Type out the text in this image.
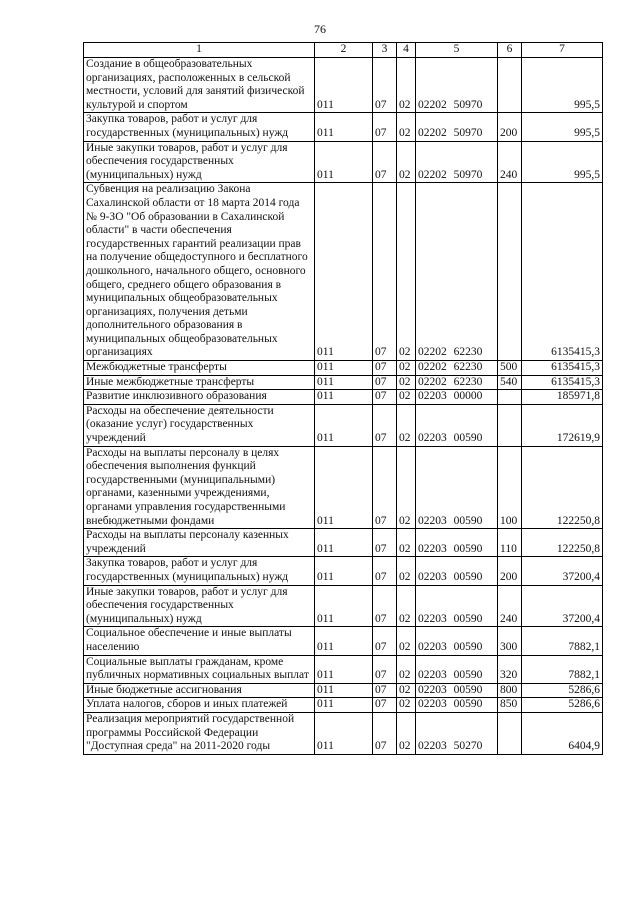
76
1	2	3	4	5	6	7
Создание в общеобразовательных организациях, расположенных в сельской местности, условий для занятий физической культурой и спортом	011	07	02	02202 50970		995,5
Закупка товаров, работ и услуг для государственных (муниципальных) нужд	011	07	02	02202 50970	200	995,5
Иные закупки товаров, работ и услуг для обеспечения государственных (муниципальных) нужд	011	07	02	02202 50970	240	995,5
Субвенция на реализацию Закона Сахалинской области от 18 марта 2014 года № 9-ЗО "Об образовании в Сахалинской области" в части обеспечения государственных гарантий реализации прав на получение общедоступного и бесплатного дошкольного, начального общего, основного общего, среднего общего образования в муниципальных общеобразовательных организациях, получения детьми дополнительного образования в муниципальных общеобразовательных организациях	011	07	02	02202 62230		6135415,3
Межбюджетные трансферты	011	07	02	02202 62230	500	6135415,3
Иные межбюджетные трансферты	011	07	02	02202 62230	540	6135415,3
Развитие инклюзивного образования	011	07	02	02203 00000		185971,8
Расходы на обеспечение деятельности (оказание услуг) государственных учреждений	011	07	02	02203 00590		172619,9
Расходы на выплаты персоналу в целях обеспечения выполнения функций государственными (муниципальными) органами, казенными учреждениями, органами управления государственными внебюджетными фондами	011	07	02	02203 00590	100	122250,8
Расходы на выплаты персоналу казенных учреждений	011	07	02	02203 00590	110	122250,8
Закупка товаров, работ и услуг для государственных (муниципальных) нужд	011	07	02	02203 00590	200	37200,4
Иные закупки товаров, работ и услуг для обеспечения государственных (муниципальных) нужд	011	07	02	02203 00590	240	37200,4
Социальное обеспечение и иные выплаты населению	011	07	02	02203 00590	300	7882,1
Социальные выплаты гражданам, кроме публичных нормативных социальных выплат	011	07	02	02203 00590	320	7882,1
Иные бюджетные ассигнования	011	07	02	02203 00590	800	5286,6
Уплата налогов, сборов и иных платежей	011	07	02	02203 00590	850	5286,6
Реализация мероприятий государственной программы Российской Федерации "Доступная среда" на 2011-2020 годы	011	07	02	02203 50270		6404,9
